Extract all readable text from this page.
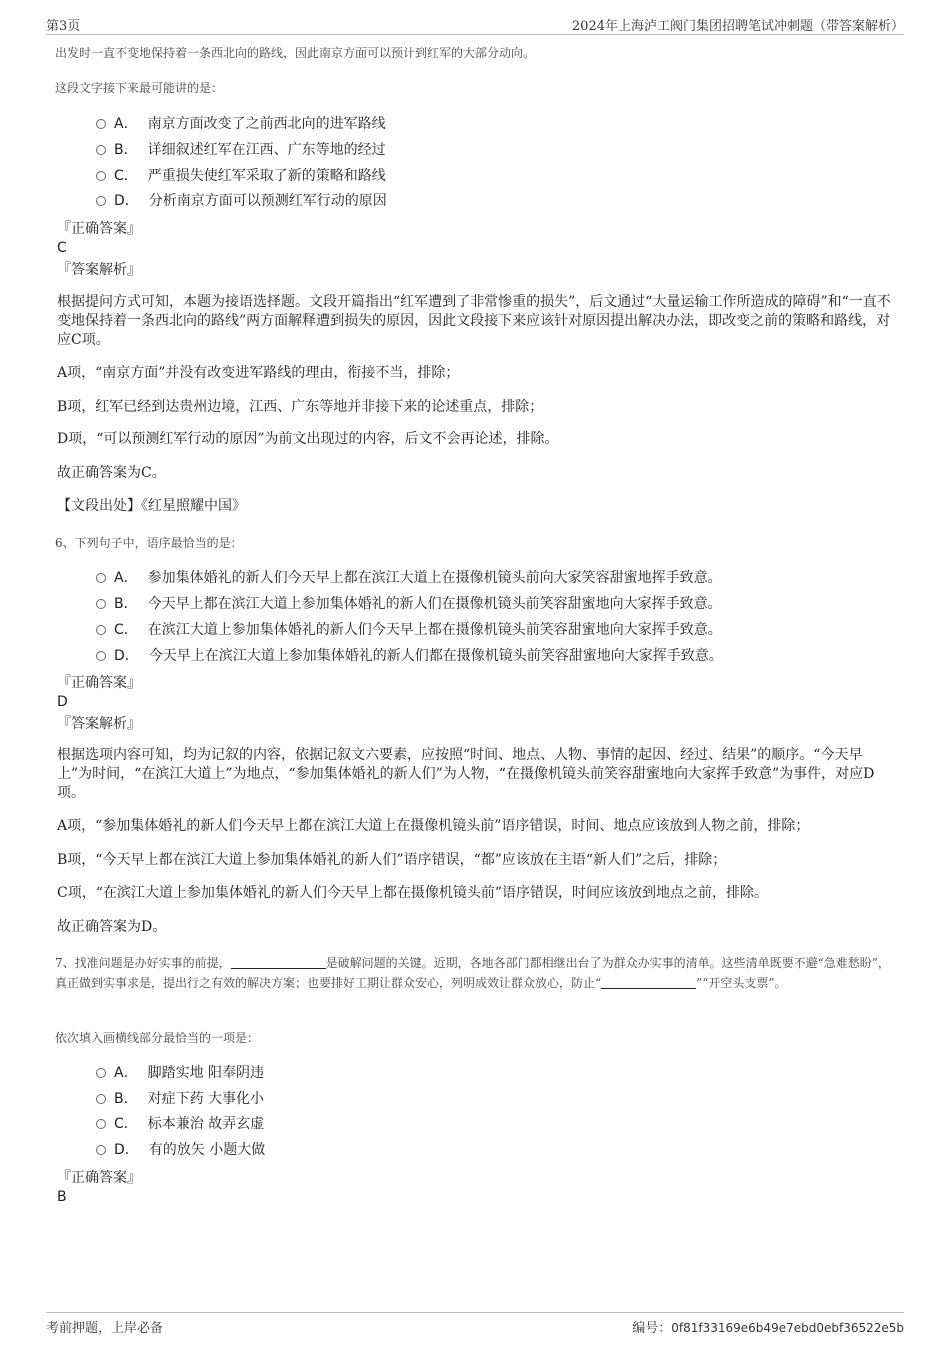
第3页	2024年上海泸工阀门集团招聘笔试冲刺题（带答案解析）
出发时一直不变地保持着一条西北向的路线，因此南京方面可以预计到红军的大部分动向。
这段文字接下来最可能讲的是：
A． 南京方面改变了之前西北向的进军路线
B． 详细叙述红军在江西、广东等地的经过
C． 严重损失使红军采取了新的策略和路线
D． 分析南京方面可以预测红军行动的原因
『正确答案』
C
『答案解析』
根据提问方式可知，本题为接语选择题。文段开篇指出“红军遭到了非常惨重的损失”，后文通过“大量运输工作所造成的障碍”和“一直不变地保持着一条西北向的路线”两方面解释遭到损失的原因，因此文段接下来应该针对原因提出解决办法，即改变之前的策略和路线，对应C项。
A项，“南京方面”并没有改变进军路线的理由，衔接不当，排除；
B项，红军已经到达贵州边境，江西、广东等地并非接下来的论述重点，排除；
D项，“可以预测红军行动的原因”为前文出现过的内容，后文不会再论述，排除。
故正确答案为C。
【文段出处】《红星照耀中国》
6、下列句子中，语序最恰当的是：
A． 参加集体婚礼的新人们今天早上都在滨江大道上在摄像机镜头前向大家笑容甜蜜地挥手致意。
B． 今天早上都在滨江大道上参加集体婚礼的新人们在摄像机镜头前笑容甜蜜地向大家挥手致意。
C． 在滨江大道上参加集体婚礼的新人们今天早上都在摄像机镜头前笑容甜蜜地向大家挥手致意。
D． 今天早上在滨江大道上参加集体婚礼的新人们都在摄像机镜头前笑容甜蜜地向大家挥手致意。
『正确答案』
D
『答案解析』
根据选项内容可知，均为记叙的内容，依据记叙文六要素，应按照“时间、地点、人物、事情的起因、经过、结果”的顺序。“今天早上”为时间，“在滨江大道上”为地点，“参加集体婚礼的新人们”为人物，“在摄像机镜头前笑容甜蜜地向大家挥手致意”为事件，对应D项。
A项，“参加集体婚礼的新人们今天早上都在滨江大道上在摄像机镜头前”语序错误，时间、地点应该放到人物之前，排除；
B项，“今天早上都在滨江大道上参加集体婚礼的新人们”语序错误，“都”应该放在主语“新人们”之后，排除；
C项，“在滨江大道上参加集体婚礼的新人们今天早上都在摄像机镜头前”语序错误，时间应该放到地点之前，排除。
故正确答案为D。
7、找准问题是办好实事的前提，	是破解问题的关键。近期，各地各部门都相继出台了为群众办实事的清单。这些清单既要不避“急难愁盼”，真正做到实事求是，提出行之有效的解决方案；也要排好工期让群众安心，列明成效让群众放心，防止“	”“开空头支票”。
依次填入画横线部分最恰当的一项是：
A． 脚踏实地 阳奉阴违
B． 对症下药 大事化小
C． 标本兼治 故弄玄虚
D． 有的放矢 小题大做
『正确答案』
B
考前押题，上岸必备	编号：0f81f33169e6b49e7ebd0ebf36522e5b
